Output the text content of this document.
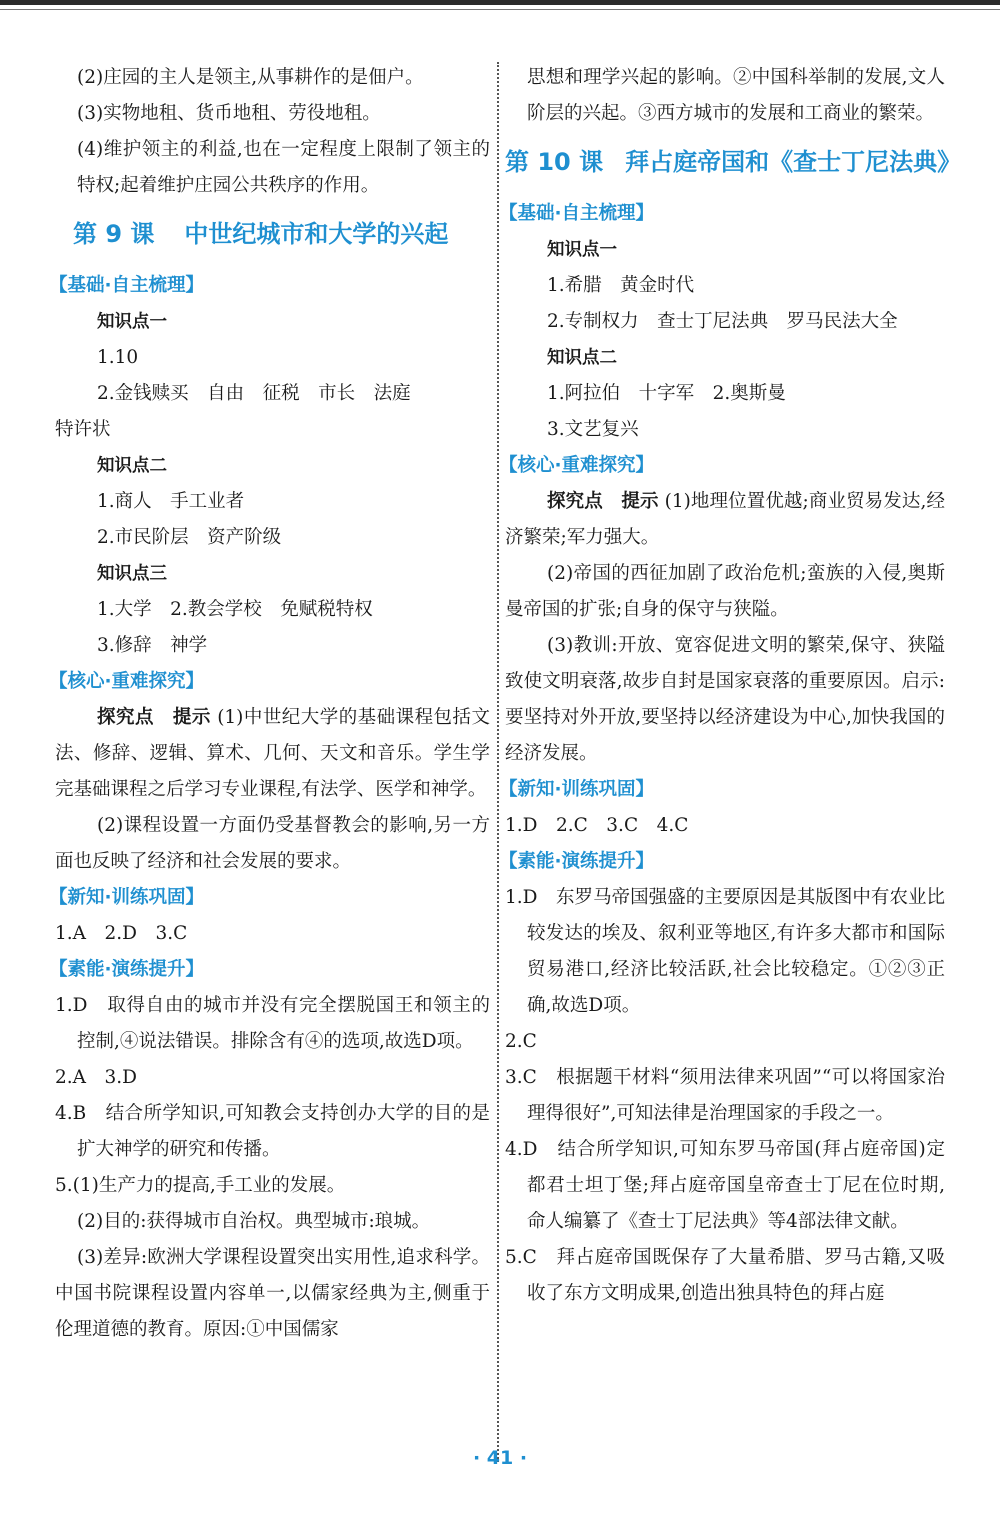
(2)庄园的主人是领主,从事耕作的是佃户。
(3)实物地租、货币地租、劳役地租。
(4)维护领主的利益,也在一定程度上限制了领主的特权;起着维护庄园公共秩序的作用。
第 9 课 中世纪城市和大学的兴起
【基础·自主梳理】
知识点一
1.10
2.金钱赎买　自由　征税　市长　法庭
特许状
知识点二
1.商人　手工业者
2.市民阶层　资产阶级
知识点三
1.大学　2.教会学校　免赋税特权
3.修辞　神学
【核心·重难探究】
探究点　提示 (1)中世纪大学的基础课程包括文法、修辞、逻辑、算术、几何、天文和音乐。学生学完基础课程之后学习专业课程,有法学、医学和神学。
(2)课程设置一方面仍受基督教会的影响,另一方面也反映了经济和社会发展的要求。
【新知·训练巩固】
1.A　2.D　3.C
【素能·演练提升】
1.D　取得自由的城市并没有完全摆脱国王和领主的控制,④说法错误。排除含有④的选项,故选D项。
2.A　3.D
4.B　结合所学知识,可知教会支持创办大学的目的是扩大神学的研究和传播。
5.(1)生产力的提高,手工业的发展。
(2)目的:获得城市自治权。典型城市:琅城。
(3)差异:欧洲大学课程设置突出实用性,追求科学。中国书院课程设置内容单一,以儒家经典为主,侧重于伦理道德的教育。原因:①中国儒家
思想和理学兴起的影响。②中国科举制的发展,文人阶层的兴起。③西方城市的发展和工商业的繁荣。
第 10 课 拜占庭帝国和《查士丁尼法典》
【基础·自主梳理】
知识点一
1.希腊　黄金时代
2.专制权力　查士丁尼法典　罗马民法大全
知识点二
1.阿拉伯　十字军　2.奥斯曼
3.文艺复兴
【核心·重难探究】
探究点　提示 (1)地理位置优越;商业贸易发达,经济繁荣;军力强大。
(2)帝国的西征加剧了政治危机;蛮族的入侵,奥斯曼帝国的扩张;自身的保守与狭隘。
(3)教训:开放、宽容促进文明的繁荣,保守、狭隘致使文明衰落,故步自封是国家衰落的重要原因。启示:要坚持对外开放,要坚持以经济建设为中心,加快我国的经济发展。
【新知·训练巩固】
1.D　2.C　3.C　4.C
【素能·演练提升】
1.D　东罗马帝国强盛的主要原因是其版图中有农业比较发达的埃及、叙利亚等地区,有许多大都市和国际贸易港口,经济比较活跃,社会比较稳定。①②③正确,故选D项。
2.C
3.C　根据题干材料“须用法律来巩固”“可以将国家治理得很好”,可知法律是治理国家的手段之一。
4.D　结合所学知识,可知东罗马帝国(拜占庭帝国)定都君士坦丁堡;拜占庭帝国皇帝查士丁尼在位时期,命人编纂了《查士丁尼法典》等4部法律文献。
5.C　拜占庭帝国既保存了大量希腊、罗马古籍,又吸收了东方文明成果,创造出独具特色的拜占庭
· 41 ·
